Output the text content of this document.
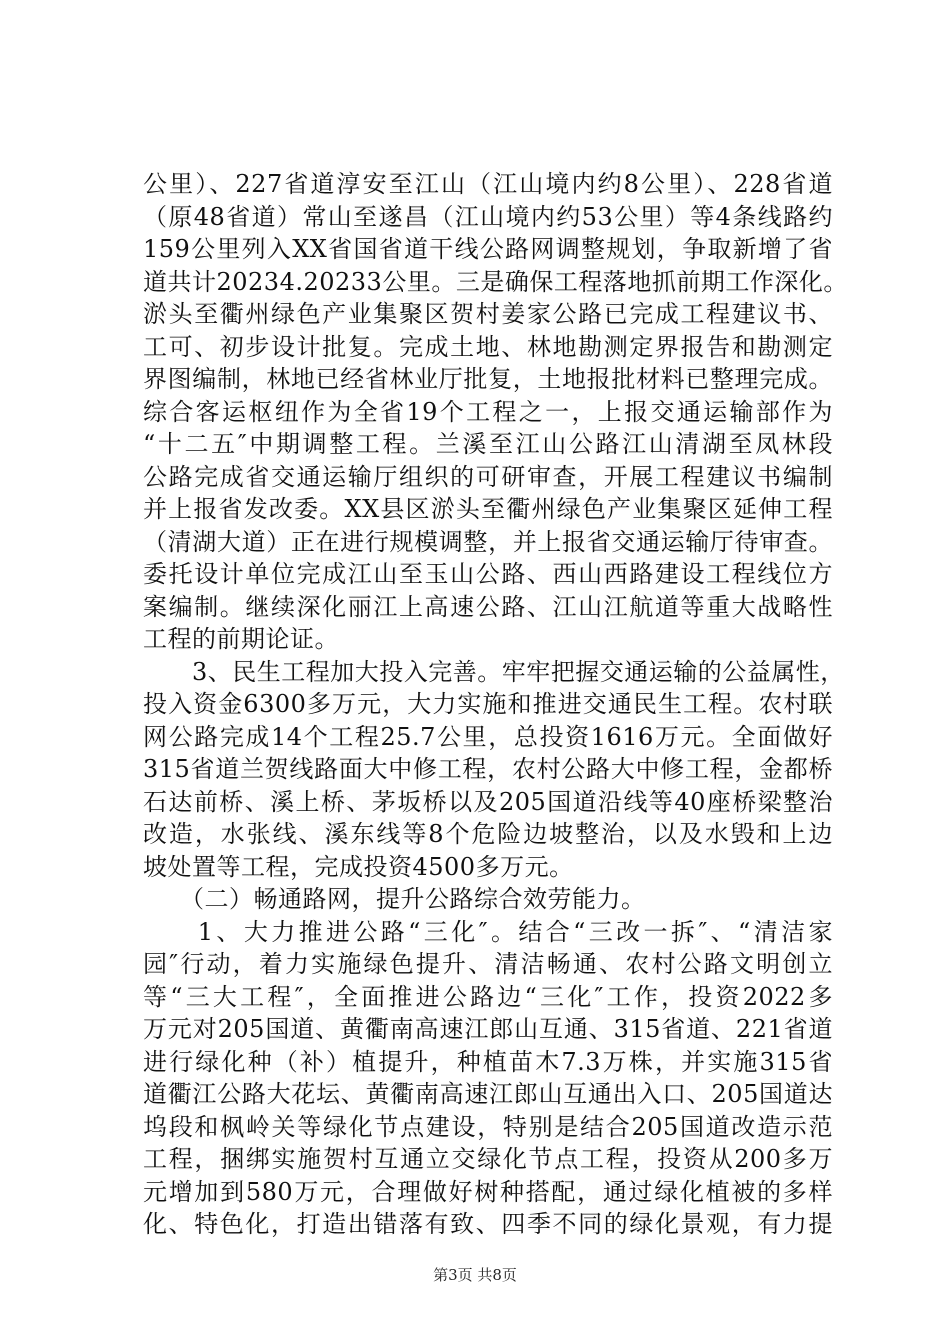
公里）、227省道淳安至江山（江山境内约8公里）、228省道
（原48省道）常山至遂昌（江山境内约53公里）等4条线路约
159公里列入XX省国省道干线公路网调整规划，争取新增了省
道共计20234.20233公里。三是确保工程落地抓前期工作深化。
淤头至衢州绿色产业集聚区贺村姜家公路已完成工程建议书、
工可、初步设计批复。完成土地、林地勘测定界报告和勘测定
界图编制，林地已经省林业厅批复，土地报批材料已整理完成。
综合客运枢纽作为全省19个工程之一，上报交通运输部作为
“十二五″中期调整工程。兰溪至江山公路江山清湖至凤林段
公路完成省交通运输厅组织的可研审查，开展工程建议书编制
并上报省发改委。XX县区淤头至衢州绿色产业集聚区延伸工程
（清湖大道）正在进行规模调整，并上报省交通运输厅待审查。
委托设计单位完成江山至玉山公路、西山西路建设工程线位方
案编制。继续深化丽江上高速公路、江山江航道等重大战略性
工程的前期论证。
　　3、民生工程加大投入完善。牢牢把握交通运输的公益属性，
投入资金6300多万元，大力实施和推进交通民生工程。农村联
网公路完成14个工程25.7公里，总投资1616万元。全面做好
315省道兰贺线路面大中修工程，农村公路大中修工程，金都桥
石达前桥、溪上桥、茅坂桥以及205国道沿线等40座桥梁整治
改造，水张线、溪东线等8个危险边坡整治，以及水毁和上边
坡处置等工程，完成投资4500多万元。
　　（二）畅通路网，提升公路综合效劳能力。
　　1、大力推进公路“三化″。结合“三改一拆″、“清洁家
园″行动，着力实施绿色提升、清洁畅通、农村公路文明创立
等“三大工程″，全面推进公路边“三化″工作，投资2022多
万元对205国道、黄衢南高速江郎山互通、315省道、221省道
进行绿化种（补）植提升，种植苗木7.3万株，并实施315省
道衢江公路大花坛、黄衢南高速江郎山互通出入口、205国道达
坞段和枫岭关等绿化节点建设，特别是结合205国道改造示范
工程，捆绑实施贺村互通立交绿化节点工程，投资从200多万
元增加到580万元，合理做好树种搭配，通过绿化植被的多样
化、特色化，打造出错落有致、四季不同的绿化景观，有力提
第3页 共8页
